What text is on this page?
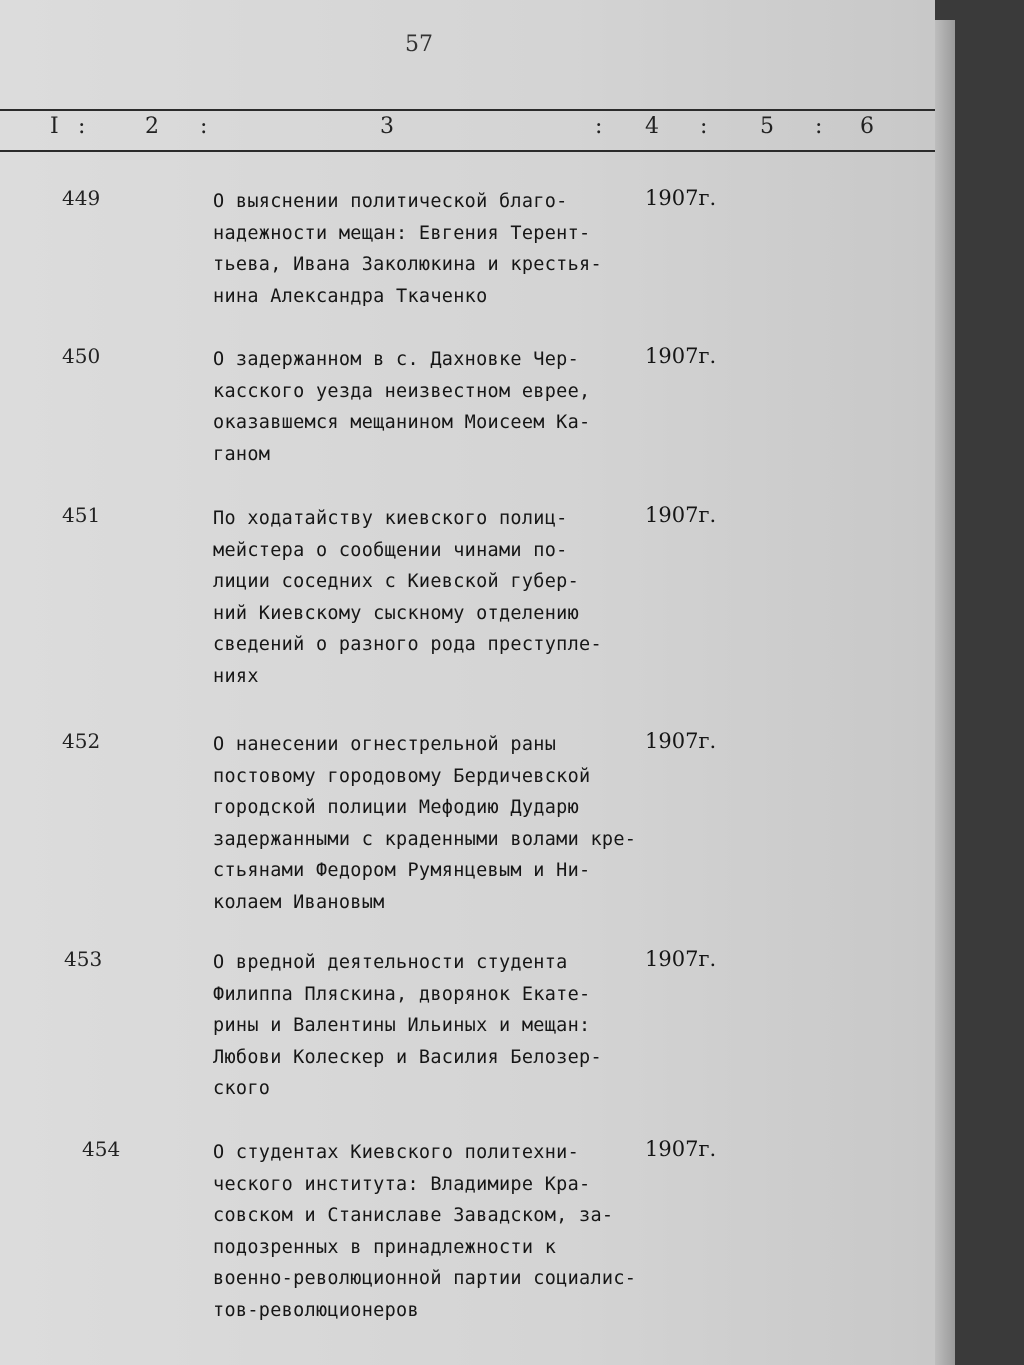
57
I :	2 :	3	: 4 : 5 : 6
449	О выяснении политической благо-
надежности мещан: Евгения Терент-
тьева, Ивана Заколюкина и крестья-
нина Александра Ткаченко
1907г.
450	О задержанном в с. Дахновке Чер-
касского уезда неизвестном еврее,
оказавшемся мещанином Моисеем Ка-
ганом
1907г.
451	По ходатайству киевского полиц-
мейстера о сообщении чинами по-
лиции соседних с Киевской губер-
ний Киевскому сыскному отделению
сведений о разного рода преступле-
ниях
1907г.
452	О нанесении огнестрельной раны
постовому городовому Бердичевской
городской полиции Мефодию Дударю
задержанными с краденными волами кре-
стьянами Федором Румянцевым и Ни-
колаем Ивановым
1907г.
453	О вредной деятельности студента
Филиппа Пляскина, дворянок Екате-
рины и Валентины Ильиных и мещан:
Любови Колескер и Василия Белозер-
ского
1907г.
454	О студентах Киевского политехни-
ческого института: Владимире Кра-
совском и Станиславе Завадском, за-
подозренных в принадлежности к
военно-революционной партии социалис-
тов-революционеров
1907г.
